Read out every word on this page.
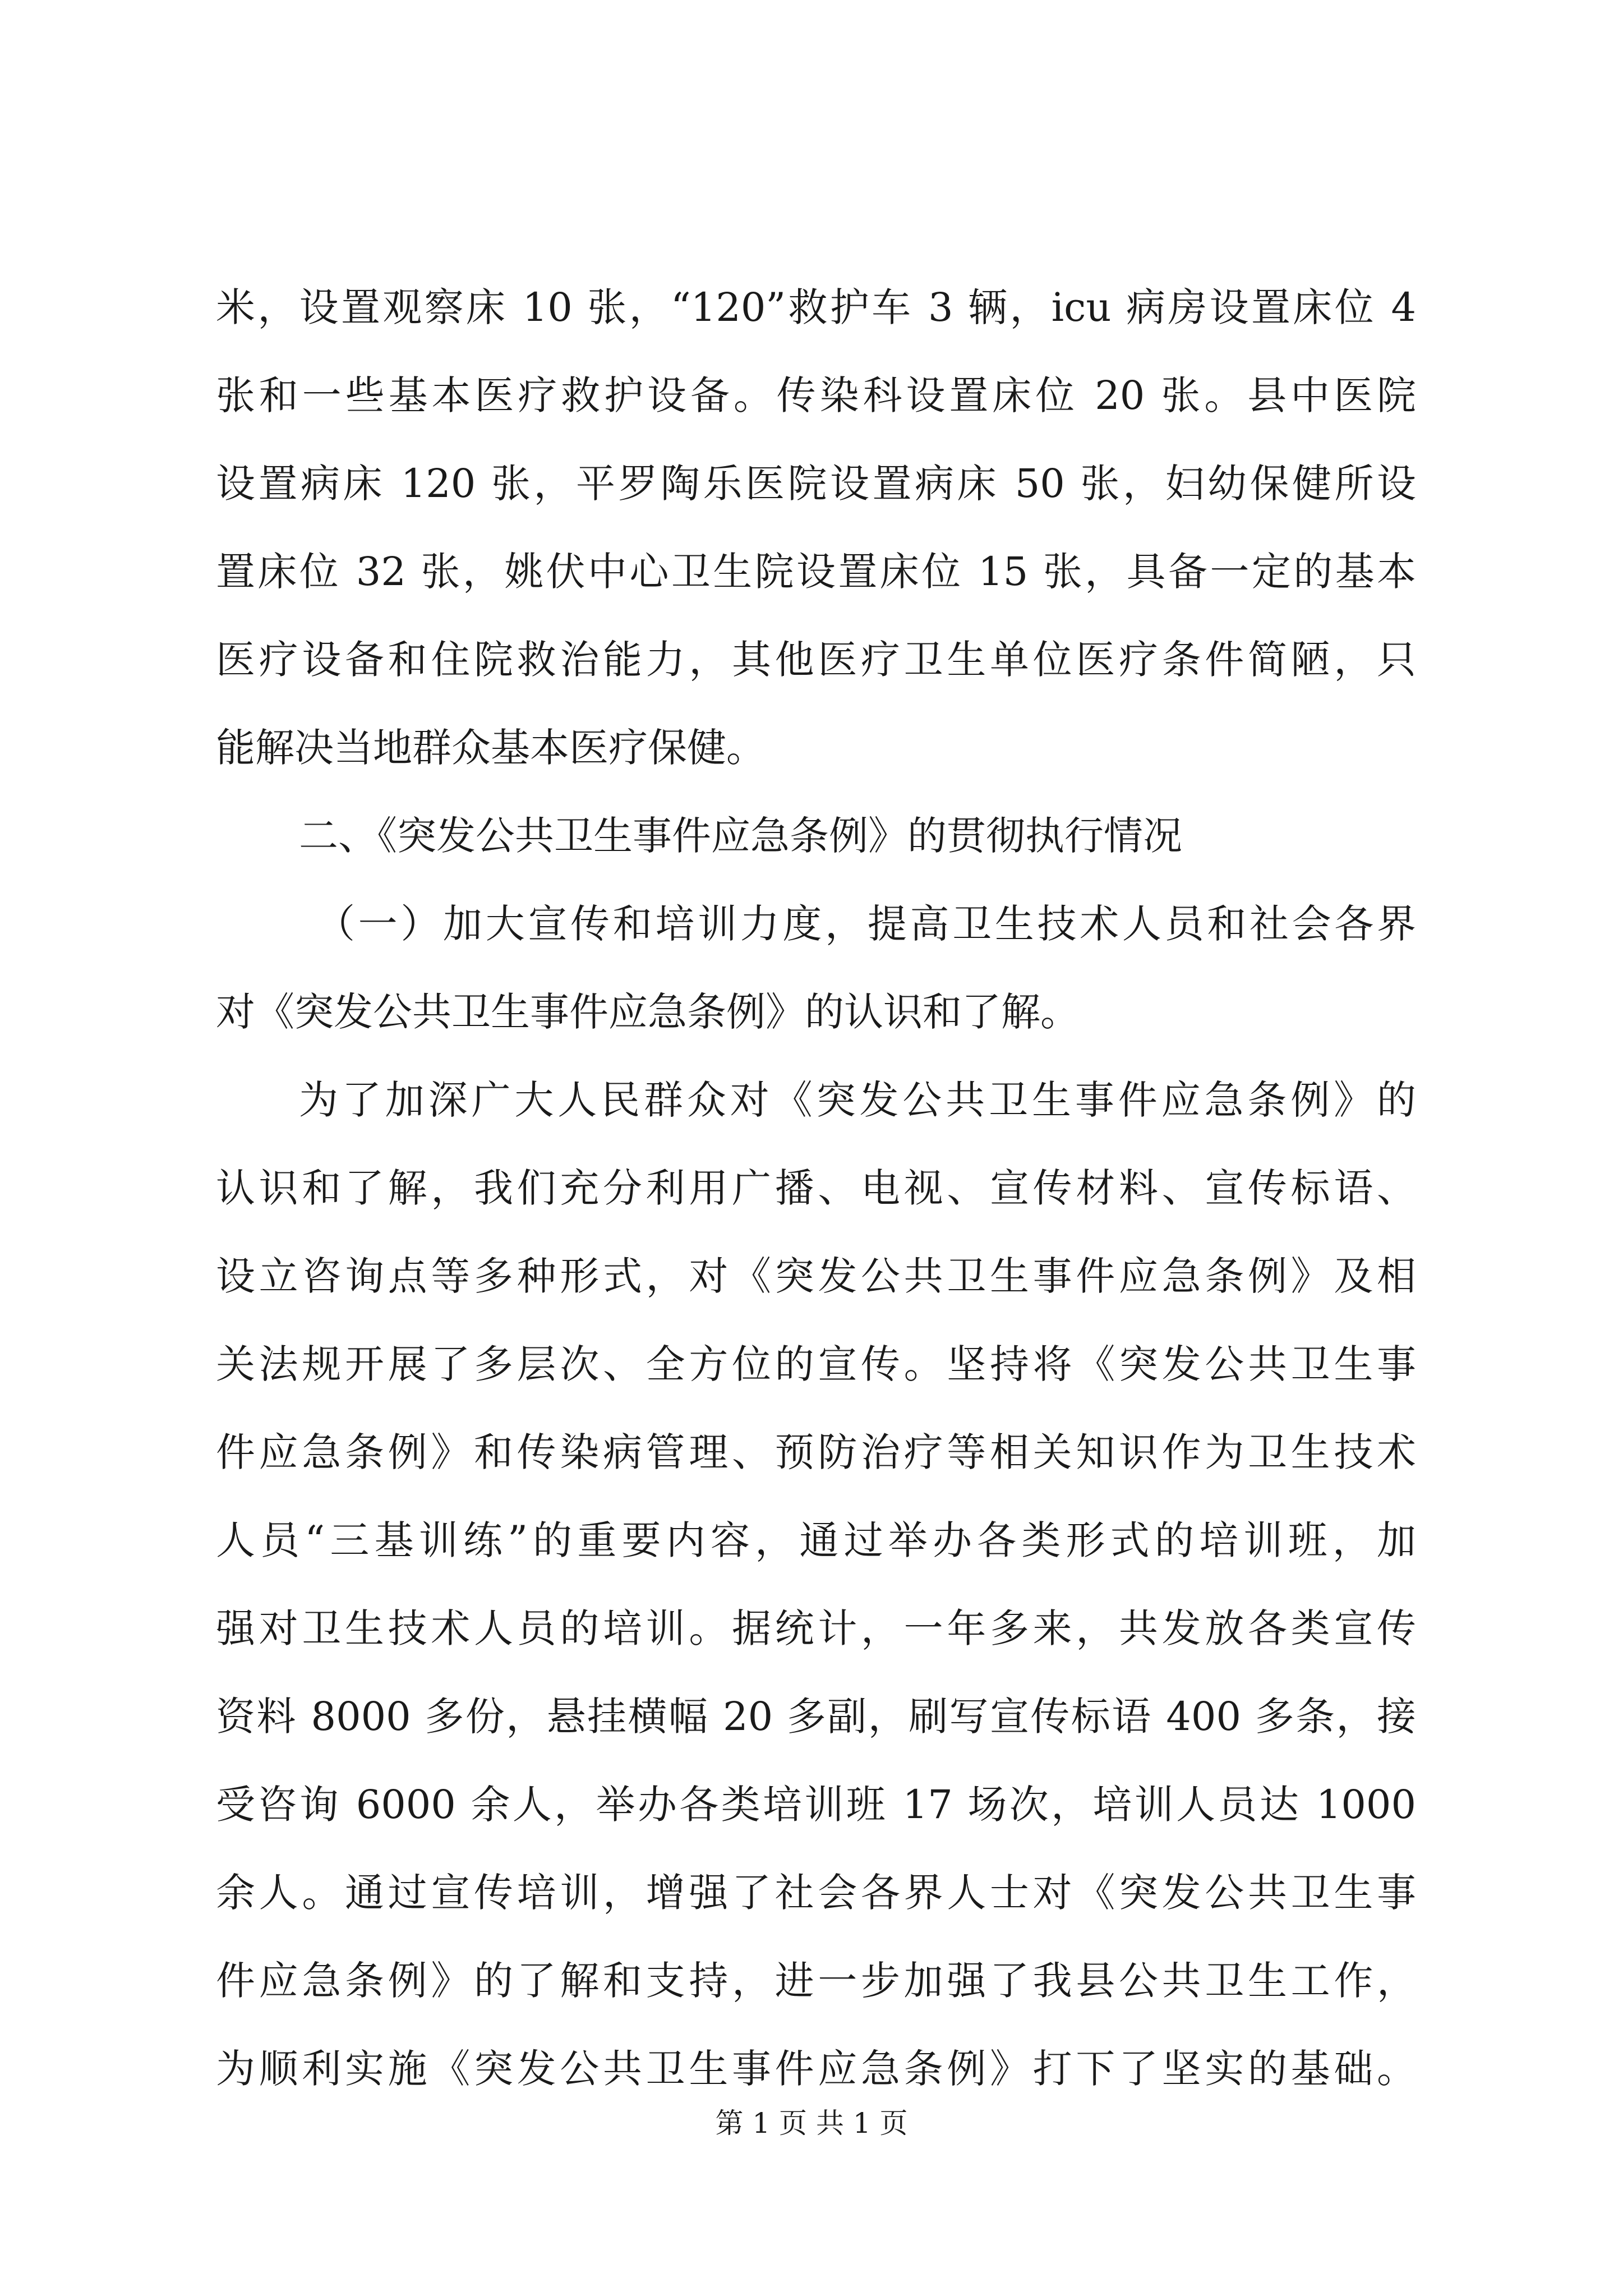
米，设置观察床 10 张，“120”救护车 3 辆，icu 病房设置床位 4
张和一些基本医疗救护设备。传染科设置床位 20 张。县中医院
设置病床 120 张，平罗陶乐医院设置病床 50 张，妇幼保健所设
置床位 32 张，姚伏中心卫生院设置床位 15 张，具备一定的基本
医疗设备和住院救治能力，其他医疗卫生单位医疗条件简陋，只
能解决当地群众基本医疗保健。
二、《突发公共卫生事件应急条例》的贯彻执行情况
（一）加大宣传和培训力度，提高卫生技术人员和社会各界
对《突发公共卫生事件应急条例》的认识和了解。
为了加深广大人民群众对《突发公共卫生事件应急条例》的
认识和了解，我们充分利用广播、电视、宣传材料、宣传标语、
设立咨询点等多种形式，对《突发公共卫生事件应急条例》及相
关法规开展了多层次、全方位的宣传。坚持将《突发公共卫生事
件应急条例》和传染病管理、预防治疗等相关知识作为卫生技术
人员“三基训练”的重要内容，通过举办各类形式的培训班，加
强对卫生技术人员的培训。据统计，一年多来，共发放各类宣传
资料 8000 多份，悬挂横幅 20 多副，刷写宣传标语 400 多条，接
受咨询 6000 余人，举办各类培训班 17 场次，培训人员达 1000
余人。通过宣传培训，增强了社会各界人士对《突发公共卫生事
件应急条例》的了解和支持，进一步加强了我县公共卫生工作，
为顺利实施《突发公共卫生事件应急条例》打下了坚实的基础。
第 1 页 共 1 页
